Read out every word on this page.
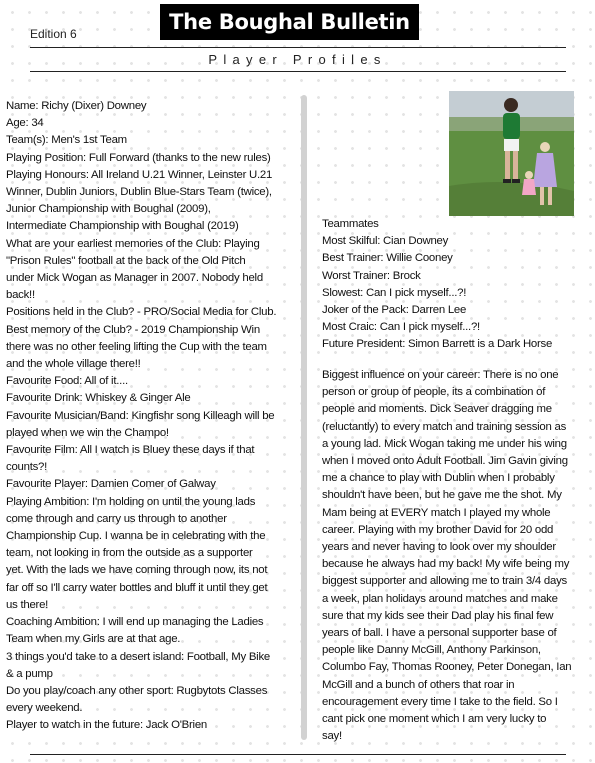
The Boughal Bulletin
Edition 6
Player Profiles
Name: Richy (Dixer) Downey
Age: 34
Team(s): Men's 1st Team
Playing Position: Full Forward (thanks to the new rules)
Playing Honours: All Ireland U.21 Winner, Leinster U.21
Winner, Dublin Juniors, Dublin Blue-Stars Team (twice),
Junior Championship with Boughal (2009),
Intermediate Championship with Boughal (2019)
What are your earliest memories of the Club: Playing
"Prison Rules" football at the back of the Old Pitch
under Mick Wogan as Manager in 2007. Nobody held
back!!
Positions held in the Club? - PRO/Social Media for Club.
Best memory of the Club? - 2019 Championship Win
there was no other feeling lifting the Cup with the team
and the whole village there!!
Favourite Food: All of it....
Favourite Drink: Whiskey & Ginger Ale
Favourite Musician/Band: Kingfishr song Killeagh will be
played when we win the Champo!
Favourite Film: All I watch is Bluey these days if that
counts?!
Favourite Player: Damien Comer of Galway
Playing Ambition: I'm holding on until the young lads
come through and carry us through to another
Championship Cup. I wanna be in celebrating with the
team, not looking in from the outside as a supporter
yet. With the lads we have coming through now, its not
far off so I'll carry water bottles and bluff it until they get
us there!
Coaching Ambition: I will end up managing the Ladies
Team when my Girls are at that age.
3 things you'd take to a desert island: Football, My Bike
& a pump
Do you play/coach any other sport: Rugbytots Classes
every weekend.
Player to watch in the future: Jack O'Brien
Teammates
Most Skilful: Cian Downey
Best Trainer: Willie Cooney
Worst Trainer: Brock
Slowest: Can I pick myself...?!
Joker of the Pack: Darren Lee
Most Craic: Can I pick myself...?!
Future President: Simon Barrett is a Dark Horse
Biggest influence on your career: There is no one
person or group of people, its a combination of
people and moments. Dick Seaver dragging me
(reluctantly) to every match and training session as
a young lad. Mick Wogan taking me under his wing
when I moved onto Adult Football. Jim Gavin giving
me a chance to play with Dublin when I probably
shouldn't have been, but he gave me the shot. My
Mam being at EVERY match I played my whole
career. Playing with my brother David for 20 odd
years and never having to look over my shoulder
because he always had my back! My wife being my
biggest supporter and allowing me to train 3/4 days
a week, plan holidays around matches and make
sure that my kids see their Dad play his final few
years of ball. I have a personal supporter base of
people like Danny McGill, Anthony Parkinson,
Columbo Fay, Thomas Rooney, Peter Donegan, Ian
McGill and a bunch of others that roar in
encouragement every time I take to the field. So I
cant pick one moment which I am very lucky to
say!
